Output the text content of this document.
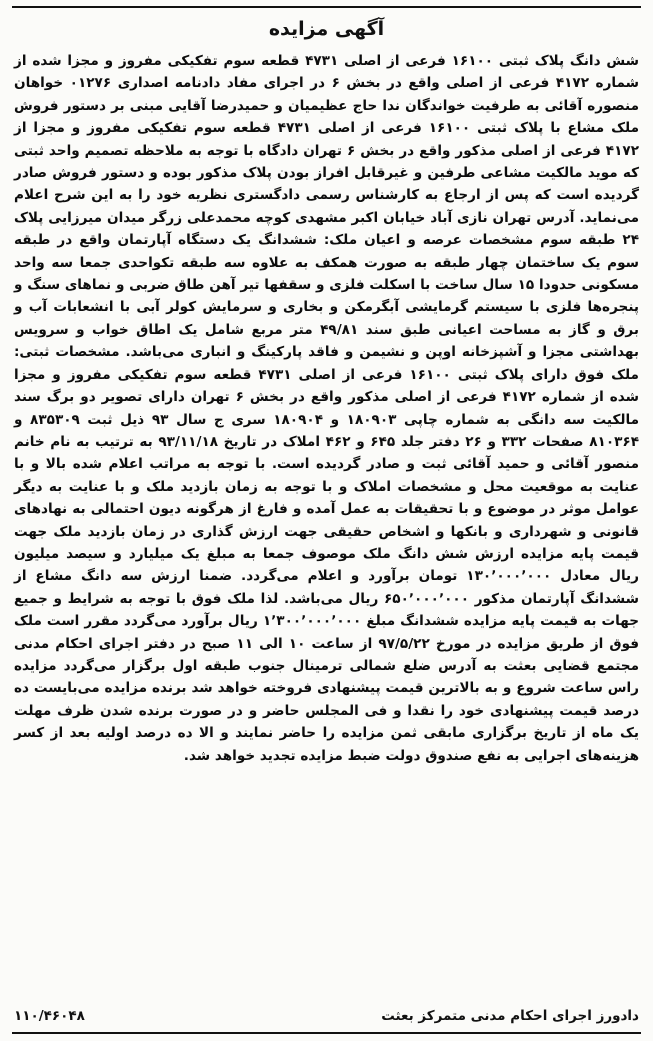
آگهی مزایده
شش دانگ پلاک ثبتی ۱۶۱۰۰ فرعی از اصلی ۴۷۳۱ قطعه سوم تفکیکی مفروز و مجزا شده از شماره ۴۱۷۲ فرعی از اصلی واقع در بخش ۶ در اجرای مفاد دادنامه اصداری ۰۱۲۷۶ خواهان منصوره آقائی به طرفیت خواندگان ندا حاج عظیمیان و حمیدرضا آقایی مبنی بر دستور فروش ملک مشاع با پلاک ثبتی ۱۶۱۰۰ فرعی از اصلی ۴۷۳۱ قطعه سوم تفکیکی مفروز و مجزا از ۴۱۷۲ فرعی از اصلی مذکور واقع در بخش ۶ تهران دادگاه با توجه به ملاحظه تصمیم واحد ثبتی که موید مالکیت مشاعی طرفین و غیرقابل افراز بودن پلاک مذکور بوده و دستور فروش صادر گردیده است که پس از ارجاع به کارشناس رسمی دادگستری نظریه خود را به این شرح اعلام می‌نماید. آدرس تهران نازی آباد خیابان اکبر مشهدی کوچه محمدعلی زرگر میدان میرزایی پلاک ۲۴ طبقه سوم مشخصات عرصه و اعیان ملک: ششدانگ یک دستگاه آپارتمان واقع در طبقه سوم یک ساختمان چهار طبقه به صورت همکف به علاوه سه طبقه تکواحدی جمعا سه واحد مسکونی حدودا ۱۵ سال ساخت با اسکلت فلزی و سقفها تیر آهن طاق ضربی و نماهای سنگ و پنجره‌ها فلزی با سیستم گرمایشی آبگرمکن و بخاری و سرمایش کولر آبی با انشعابات آب و برق و گاز به مساحت اعیانی طبق سند ۴۹/۸۱ متر مربع شامل یک اطاق خواب و سرویس بهداشتی مجزا و آشپزخانه اوپن و نشیمن و فاقد پارکینگ و انباری می‌باشد. مشخصات ثبتی: ملک فوق دارای پلاک ثبتی ۱۶۱۰۰ فرعی از اصلی ۴۷۳۱ قطعه سوم تفکیکی مفروز و مجزا شده از شماره ۴۱۷۲ فرعی از اصلی مذکور واقع در بخش ۶ تهران دارای تصویر دو برگ سند مالکیت سه دانگی به شماره چاپی ۱۸۰۹۰۳ و ۱۸۰۹۰۴ سری ج سال ۹۳ ذیل ثبت ۸۳۵۳۰۹ و ۸۱۰۳۶۴ صفحات ۳۳۲ و ۲۶ دفتر جلد ۶۴۵ و ۴۶۲ املاک در تاریخ ۹۳/۱۱/۱۸ به ترتیب به نام خانم منصور آقائی و حمید آقائی ثبت و صادر گردیده است. با توجه به مراتب اعلام شده بالا و با عنایت به موقعیت محل و مشخصات املاک و با توجه به زمان بازدید ملک و با عنایت به دیگر عوامل موثر در موضوع و با تحقیقات به عمل آمده و فارغ از هرگونه دیون احتمالی به نهادهای قانونی و شهرداری و بانکها و اشخاص حقیقی جهت ارزش گذاری در زمان بازدید ملک جهت قیمت پایه مزایده ارزش شش دانگ ملک موصوف جمعا به مبلغ یک میلیارد و سیصد میلیون ریال معادل ۱۳۰٬۰۰۰٬۰۰۰ تومان برآورد و اعلام می‌گردد. ضمنا ارزش سه دانگ مشاع از ششدانگ آپارتمان مذکور ۶۵۰٬۰۰۰٬۰۰۰ ریال می‌باشد. لذا ملک فوق با توجه به شرایط و جمیع جهات به قیمت پایه مزایده ششدانگ مبلغ ۱٬۳۰۰٬۰۰۰٬۰۰۰ ریال برآورد می‌گردد مقرر است ملک فوق از طریق مزایده در مورخ ۹۷/۵/۲۲ از ساعت ۱۰ الی ۱۱ صبح در دفتر اجرای احکام مدنی مجتمع قضایی بعثت به آدرس ضلع شمالی ترمینال جنوب طبقه اول برگزار می‌گردد مزایده راس ساعت شروع و به بالاترین قیمت پیشنهادی فروخته خواهد شد برنده مزایده می‌بایست ده درصد قیمت پیشنهادی خود را نقدا و فی المجلس حاضر و در صورت برنده شدن ظرف مهلت یک ماه از تاریخ برگزاری مابقی ثمن مزایده را حاضر نمایند و الا ده درصد اولیه بعد از کسر هزینه‌های اجرایی به نفع صندوق دولت ضبط مزایده تجدید خواهد شد.
۱۱۰/۴۶۰۴۸	دادورز اجرای احکام مدنی متمرکز بعثت
